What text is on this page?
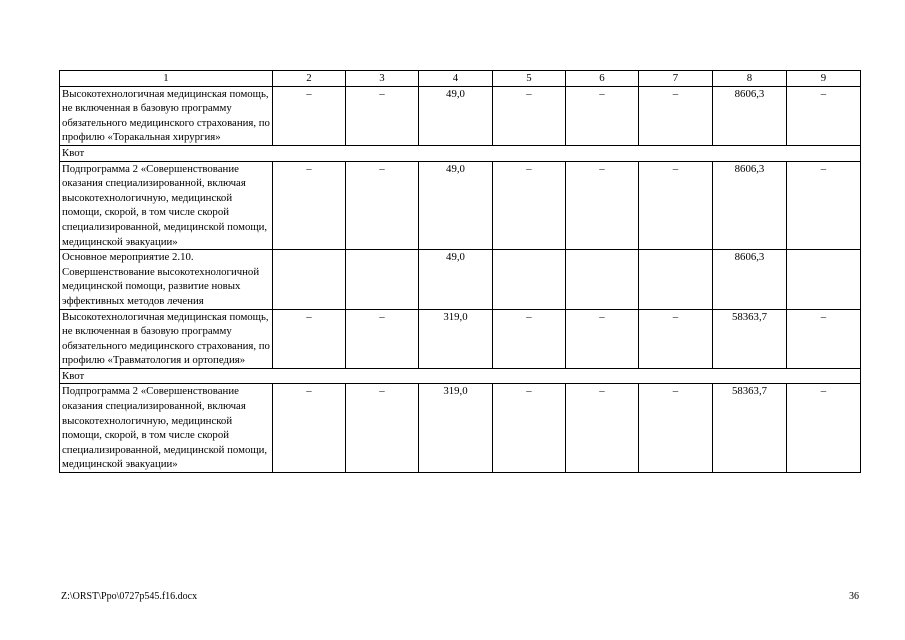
1	2	3	4	5	6	7	8	9
Высокотехнологичная медицинская помощь, не включенная в базовую программу обязательного медицинского страхования, по профилю «Торакальная хирургия»	–	–	49,0	–	–	–	8606,3	–
Квот								
Подпрограмма 2 «Совершенствование оказания специализированной, включая высокотехнологичную, медицинской помощи, скорой, в том числе скорой специализированной, медицинской помощи, медицинской эвакуации»	–	–	49,0	–	–	–	8606,3	–
Основное мероприятие 2.10. Совершенствование высокотехнологичной медицинской помощи, развитие новых эффективных методов лечения			49,0				8606,3	
Высокотехнологичная медицинская помощь, не включенная в базовую программу обязательного медицинского страхования, по профилю «Травматология и ортопедия»	–	–	319,0	–	–	–	58363,7	–
Квот								
Подпрограмма 2 «Совершенствование оказания специализированной, включая высокотехнологичную, медицинской помощи, скорой, в том числе скорой специализированной, медицинской помощи, медицинской эвакуации»	–	–	319,0	–	–	–	58363,7	–
Z:\ORST\Ppo\0727p545.f16.docx	36
